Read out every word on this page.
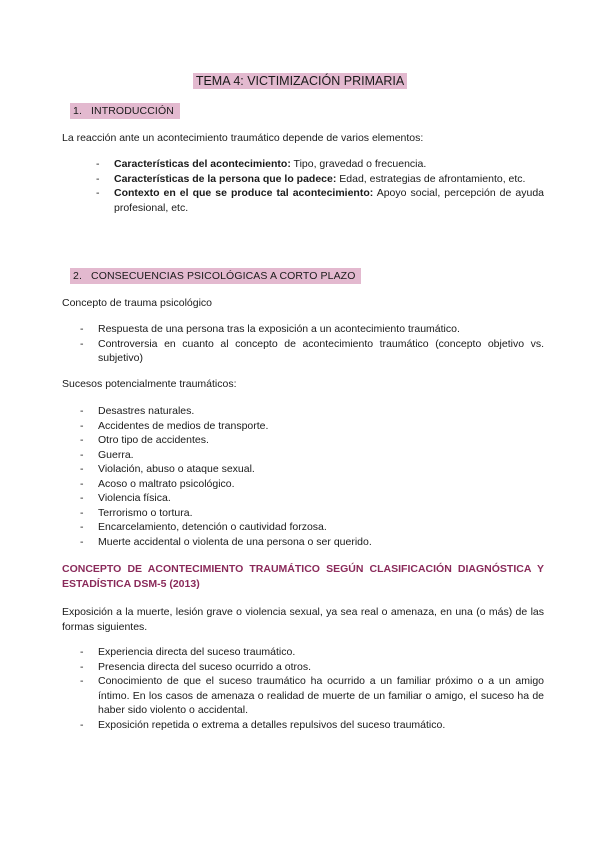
TEMA 4: VICTIMIZACIÓN PRIMARIA
1. INTRODUCCIÓN
La reacción ante un acontecimiento traumático depende de varios elementos:
- Características del acontecimiento: Tipo, gravedad o frecuencia.
- Características de la persona que lo padece: Edad, estrategias de afrontamiento, etc.
- Contexto en el que se produce tal acontecimiento: Apoyo social, percepción de ayuda profesional, etc.
2. CONSECUENCIAS PSICOLÓGICAS A CORTO PLAZO
Concepto de trauma psicológico
- Respuesta de una persona tras la exposición a un acontecimiento traumático.
- Controversia en cuanto al concepto de acontecimiento traumático (concepto objetivo vs. subjetivo)
Sucesos potencialmente traumáticos:
- Desastres naturales.
- Accidentes de medios de transporte.
- Otro tipo de accidentes.
- Guerra.
- Violación, abuso o ataque sexual.
- Acoso o maltrato psicológico.
- Violencia física.
- Terrorismo o tortura.
- Encarcelamiento, detención o cautividad forzosa.
- Muerte accidental o violenta de una persona o ser querido.
CONCEPTO DE ACONTECIMIENTO TRAUMÁTICO SEGÚN CLASIFICACIÓN DIAGNÓSTICA Y ESTADÍSTICA DSM-5 (2013)
Exposición a la muerte, lesión grave o violencia sexual, ya sea real o amenaza, en una (o más) de las formas siguientes.
- Experiencia directa del suceso traumático.
- Presencia directa del suceso ocurrido a otros.
- Conocimiento de que el suceso traumático ha ocurrido a un familiar próximo o a un amigo íntimo. En los casos de amenaza o realidad de muerte de un familiar o amigo, el suceso ha de haber sido violento o accidental.
- Exposición repetida o extrema a detalles repulsivos del suceso traumático.
